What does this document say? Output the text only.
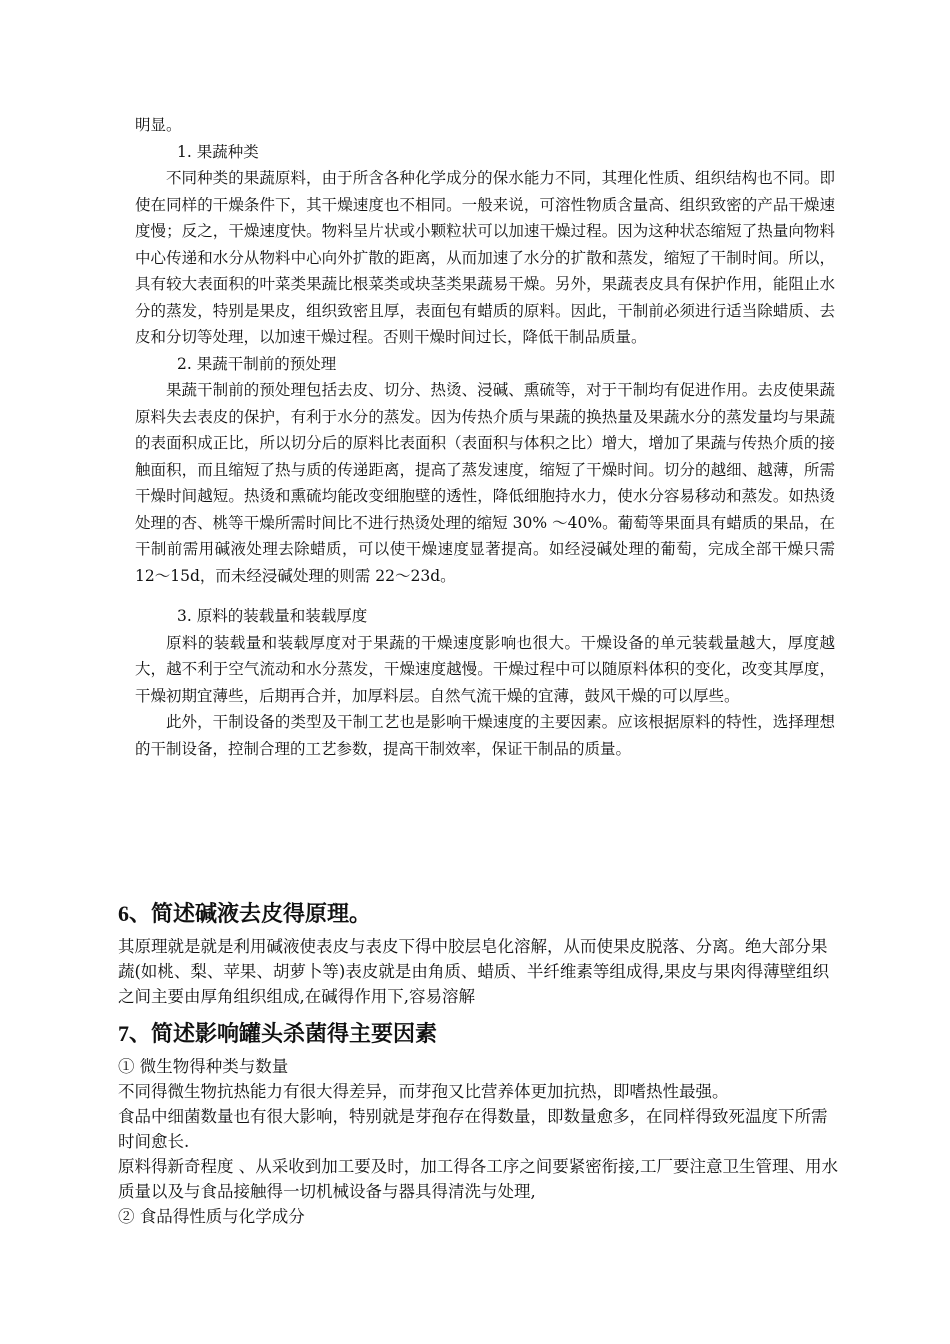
明显。

1. 果蔬种类

不同种类的果蔬原料，由于所含各种化学成分的保水能力不同，其理化性质、组织结构也不同。即使在同样的干燥条件下，其干燥速度也不相同。一般来说，可溶性物质含量高、组织致密的产品干燥速度慢；反之，干燥速度快。物料呈片状或小颗粒状可以加速干燥过程。因为这种状态缩短了热量向物料中心传递和水分从物料中心向外扩散的距离，从而加速了水分的扩散和蒸发，缩短了干制时间。所以，具有较大表面积的叶菜类果蔬比根菜类或块茎类果蔬易干燥。另外，果蔬表皮具有保护作用，能阻止水分的蒸发，特别是果皮，组织致密且厚，表面包有蜡质的原料。因此，干制前必须进行适当除蜡质、去皮和分切等处理，以加速干燥过程。否则干燥时间过长，降低干制品质量。

2. 果蔬干制前的预处理

果蔬干制前的预处理包括去皮、切分、热烫、浸碱、熏硫等，对于干制均有促进作用。去皮使果蔬原料失去表皮的保护，有利于水分的蒸发。因为传热介质与果蔬的换热量及果蔬水分的蒸发量均与果蔬的表面积成正比，所以切分后的原料比表面积（表面积与体积之比）增大，增加了果蔬与传热介质的接触面积，而且缩短了热与质的传递距离，提高了蒸发速度，缩短了干燥时间。切分的越细、越薄，所需干燥时间越短。热烫和熏硫均能改变细胞壁的透性，降低细胞持水力，使水分容易移动和蒸发。如热烫处理的杏、桃等干燥所需时间比不进行热烫处理的缩短 30% ～40%。葡萄等果面具有蜡质的果品，在干制前需用碱液处理去除蜡质，可以使干燥速度显著提高。如经浸碱处理的葡萄，完成全部干燥只需 12～15d，而未经浸碱处理的则需 22～23d。

3. 原料的装载量和装载厚度

原料的装载量和装载厚度对于果蔬的干燥速度影响也很大。干燥设备的单元装载量越大，厚度越大，越不利于空气流动和水分蒸发，干燥速度越慢。干燥过程中可以随原料体积的变化，改变其厚度，干燥初期宜薄些，后期再合并，加厚料层。自然气流干燥的宜薄，鼓风干燥的可以厚些。

此外，干制设备的类型及干制工艺也是影响干燥速度的主要因素。应该根据原料的特性，选择理想的干制设备，控制合理的工艺参数，提高干制效率，保证干制品的质量。

6、简述碱液去皮得原理。

其原理就是就是利用碱液使表皮与表皮下得中胶层皂化溶解，从而使果皮脱落、分离。绝大部分果蔬(如桃、梨、苹果、胡萝卜等)表皮就是由角质、蜡质、半纤维素等组成得,果皮与果肉得薄壁组织之间主要由厚角组织组成,在碱得作用下,容易溶解

7、简述影响罐头杀菌得主要因素

① 微生物得种类与数量

不同得微生物抗热能力有很大得差异，而芽孢又比营养体更加抗热，即嗜热性最强。

食品中细菌数量也有很大影响，特别就是芽孢存在得数量，即数量愈多，在同样得致死温度下所需时间愈长.

原料得新奇程度 、从采收到加工要及时，加工得各工序之间要紧密衔接,工厂要注意卫生管理、用水质量以及与食品接触得一切机械设备与器具得清洗与处理,

② 食品得性质与化学成分
